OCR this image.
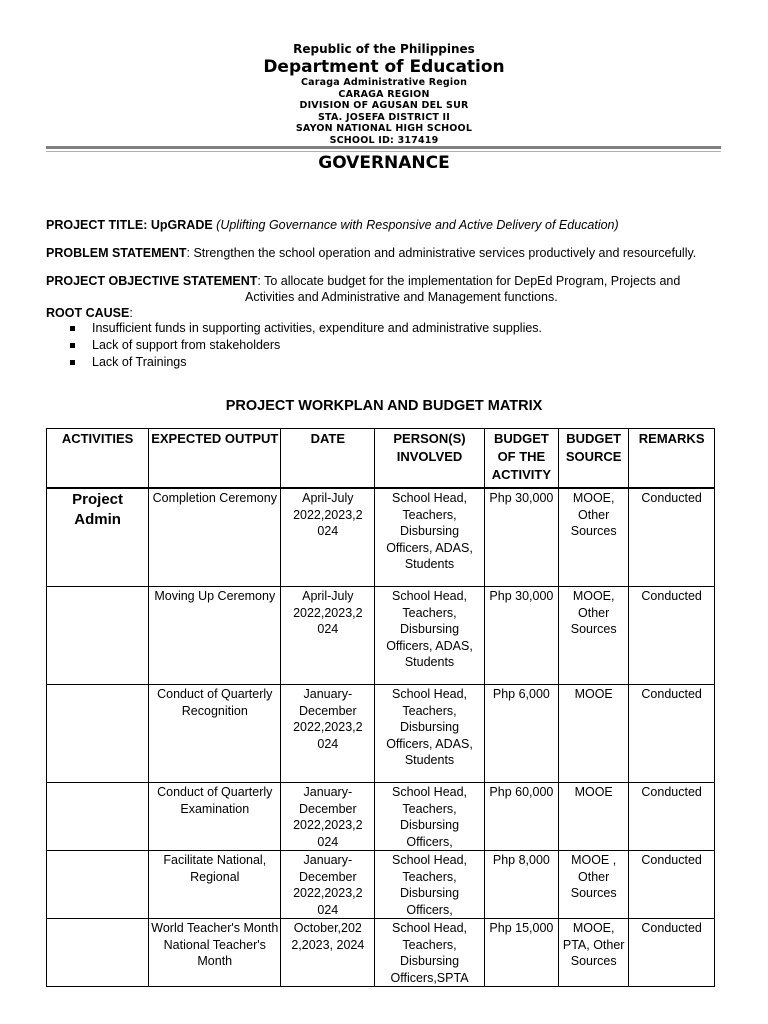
Republic of the Philippines
Department of Education
Caraga Administrative Region
CARAGA REGION
DIVISION OF AGUSAN DEL SUR
STA. JOSEFA DISTRICT II
SAYON NATIONAL HIGH SCHOOL
SCHOOL ID: 317419
GOVERNANCE
PROJECT TITLE: UpGRADE (Uplifting Governance with Responsive and Active Delivery of Education)
PROBLEM STATEMENT: Strengthen the school operation and administrative services productively and resourcefully.
PROJECT OBJECTIVE STATEMENT: To allocate budget for the implementation for DepEd Program, Projects and
Activities and Administrative and Management functions.
ROOT CAUSE:
Insufficient funds in supporting activities, expenditure and administrative supplies.
Lack of support from stakeholders
Lack of Trainings
PROJECT WORKPLAN AND BUDGET MATRIX
ACTIVITIES	EXPECTED OUTPUT	DATE	PERSON(S) INVOLVED	BUDGET OF THE ACTIVITY	BUDGET SOURCE	REMARKS
Project Admin	Completion Ceremony	April-July 2022,2023,2 024	School Head, Teachers, Disbursing Officers, ADAS, Students	Php 30,000	MOOE, Other Sources	Conducted
	Moving Up Ceremony	April-July 2022,2023,2 024	School Head, Teachers, Disbursing Officers, ADAS, Students	Php 30,000	MOOE, Other Sources	Conducted
	Conduct of Quarterly Recognition	January-December 2022,2023,2 024	School Head, Teachers, Disbursing Officers, ADAS, Students	Php 6,000	MOOE	Conducted
	Conduct of Quarterly Examination	January-December 2022,2023,2 024	School Head, Teachers, Disbursing Officers,	Php 60,000	MOOE	Conducted
	Facilitate National, Regional	January-December 2022,2023,2 024	School Head, Teachers, Disbursing Officers,	Php 8,000	MOOE , Other Sources	Conducted
	World Teacher's Month National Teacher's Month	October,202 2,2023, 2024	School Head, Teachers, Disbursing Officers,SPTA	Php 15,000	MOOE, PTA, Other Sources	Conducted
